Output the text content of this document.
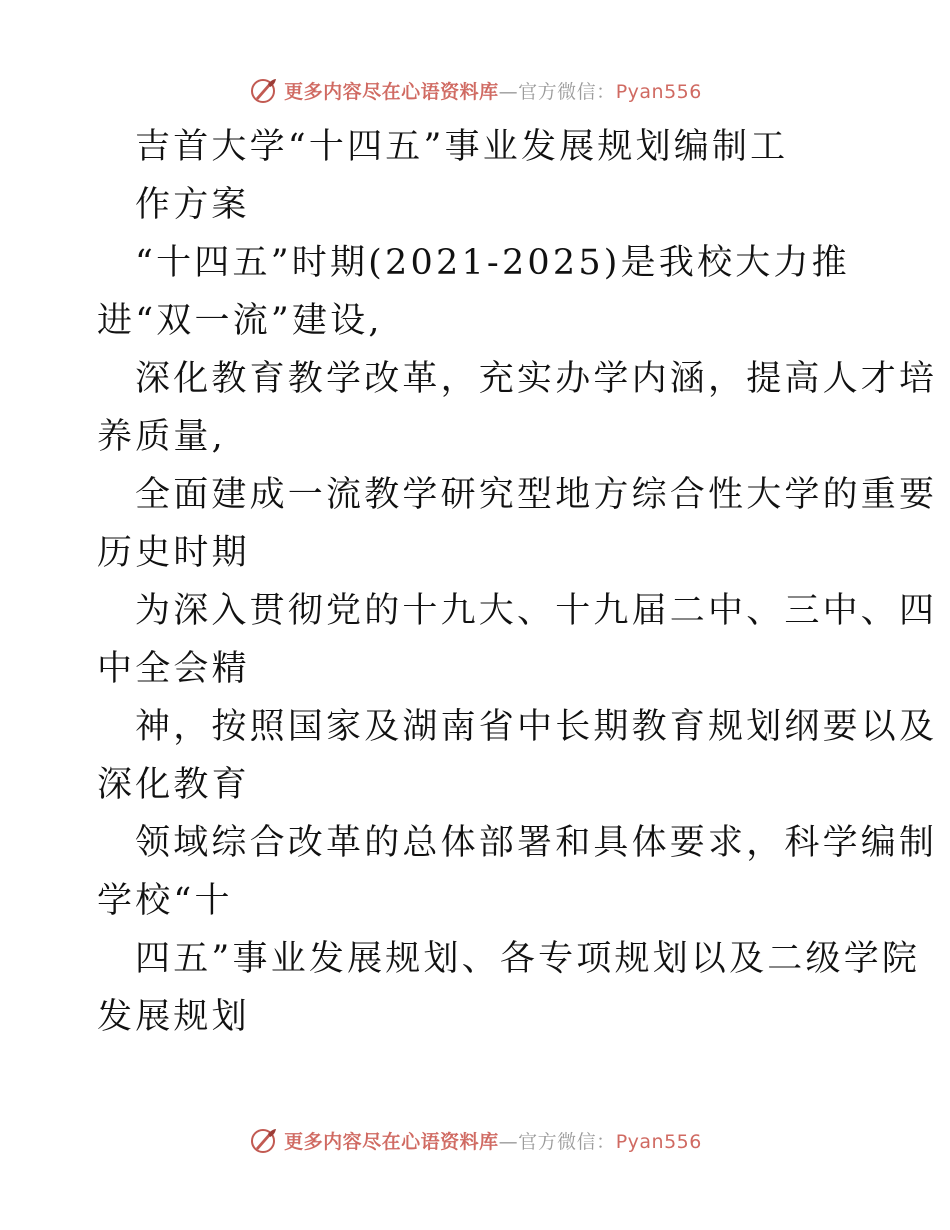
更多内容尽在心语资料库—官方微信：Pyan556
吉首大学“十四五”事业发展规划编制工
作方案
“十四五”时期(2021-2025)是我校大力推
进“双一流”建设,
深化教育教学改革，充实办学内涵，提高人才培
养质量,
全面建成一流教学研究型地方综合性大学的重要
历史时期
为深入贯彻党的十九大、十九届二中、三中、四
中全会精
神，按照国家及湖南省中长期教育规划纲要以及
深化教育
领域综合改革的总体部署和具体要求，科学编制
学校“十
四五”事业发展规划、各专项规划以及二级学院
发展规划
更多内容尽在心语资料库—官方微信：Pyan556
